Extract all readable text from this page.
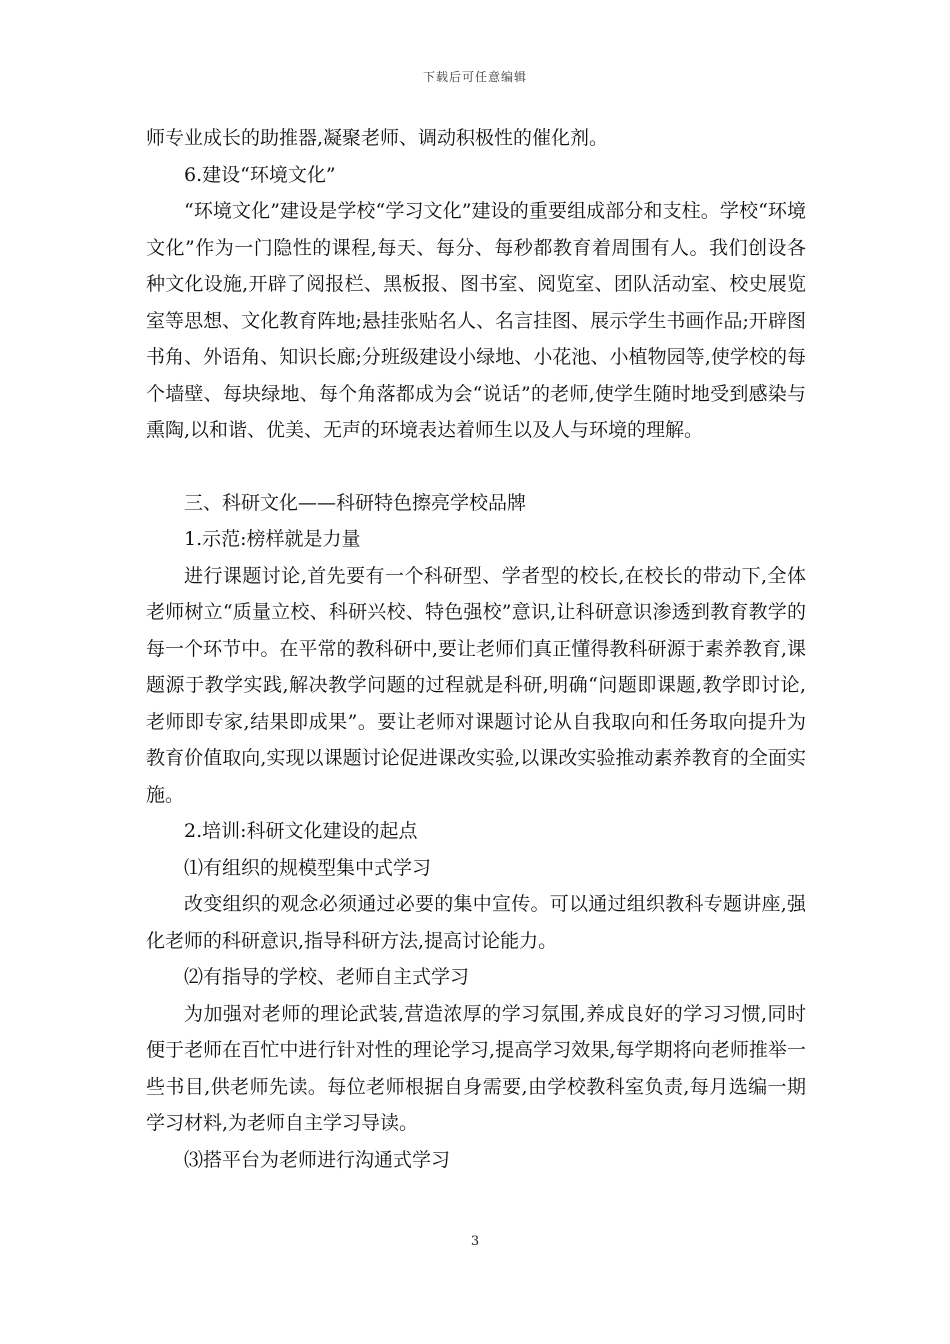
下载后可任意编辑

师专业成长的助推器,凝聚老师、调动积极性的催化剂。

6.建设“环境文化”

“环境文化”建设是学校“学习文化”建设的重要组成部分和支柱。学校“环境文化”作为一门隐性的课程,每天、每分、每秒都教育着周围有人。我们创设各种文化设施,开辟了阅报栏、黑板报、图书室、阅览室、团队活动室、校史展览室等思想、文化教育阵地;悬挂张贴名人、名言挂图、展示学生书画作品;开辟图书角、外语角、知识长廊;分班级建设小绿地、小花池、小植物园等,使学校的每个墙壁、每块绿地、每个角落都成为会“说话”的老师,使学生随时地受到感染与熏陶,以和谐、优美、无声的环境表达着师生以及人与环境的理解。

三、科研文化——科研特色擦亮学校品牌

1.示范:榜样就是力量

进行课题讨论,首先要有一个科研型、学者型的校长,在校长的带动下,全体老师树立“质量立校、科研兴校、特色强校”意识,让科研意识渗透到教育教学的每一个环节中。在平常的教科研中,要让老师们真正懂得教科研源于素养教育,课题源于教学实践,解决教学问题的过程就是科研,明确“问题即课题,教学即讨论,老师即专家,结果即成果”。要让老师对课题讨论从自我取向和任务取向提升为教育价值取向,实现以课题讨论促进课改实验,以课改实验推动素养教育的全面实施。

2.培训:科研文化建设的起点

⑴有组织的规模型集中式学习

改变组织的观念必须通过必要的集中宣传。可以通过组织教科专题讲座,强化老师的科研意识,指导科研方法,提高讨论能力。

⑵有指导的学校、老师自主式学习

为加强对老师的理论武装,营造浓厚的学习氛围,养成良好的学习习惯,同时便于老师在百忙中进行针对性的理论学习,提高学习效果,每学期将向老师推举一些书目,供老师先读。每位老师根据自身需要,由学校教科室负责,每月选编一期学习材料,为老师自主学习导读。

⑶搭平台为老师进行沟通式学习

3
